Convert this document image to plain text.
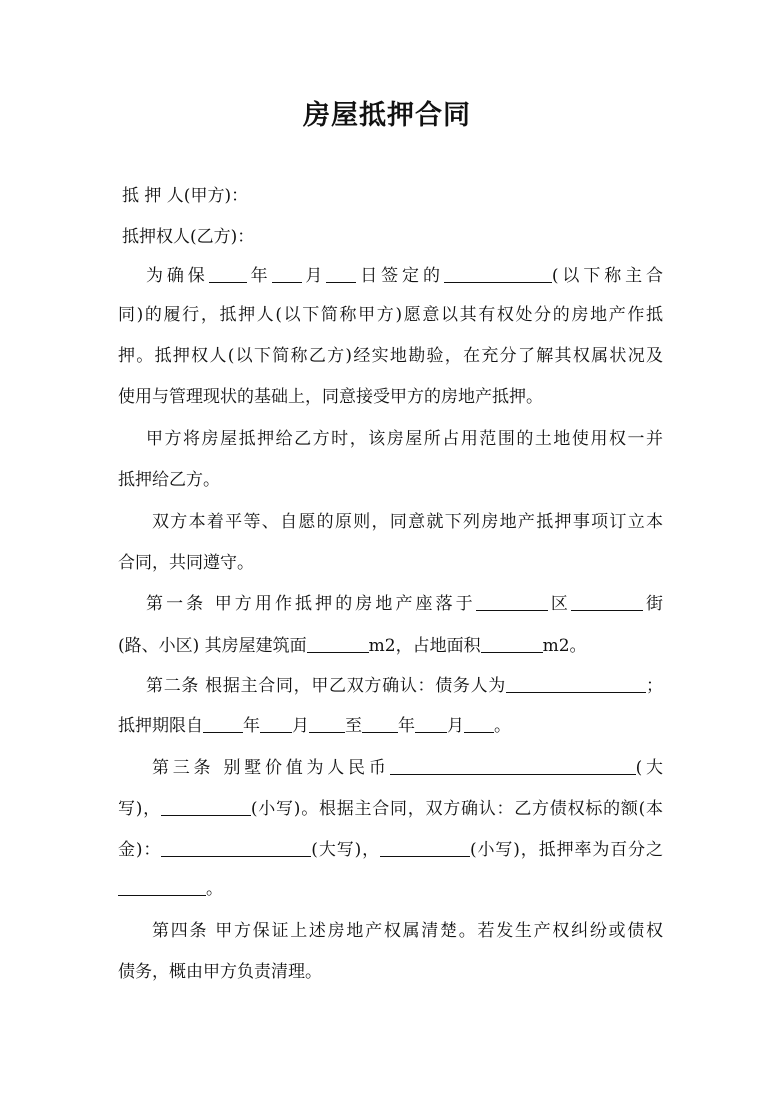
房屋抵押合同
抵 押 人(甲方)：
抵押权人(乙方)：
为确保 年 月 日签定的	(以下称主合
同)的履行，抵押人(以下简称甲方)愿意以其有权处分的房地产作抵
押。抵押权人(以下简称乙方)经实地勘验，在充分了解其权属状况及
使用与管理现状的基础上，同意接受甲方的房地产抵押。
甲方将房屋抵押给乙方时，该房屋所占用范围的土地使用权一并
抵押给乙方。
双方本着平等、自愿的原则，同意就下列房地产抵押事项订立本
合同，共同遵守。
第一条 甲方用作抵押的房地产座落于	区	街
(路、小区) 其房屋建筑面	m2，占地面积	m2。
第二条 根据主合同，甲乙双方确认：债务人为	；
抵押期限自 年 月 至 年 月 。
第三条 别墅价值为人民币	(大
写)，	(小写)。根据主合同，双方确认：乙方债权标的额(本
金)：	(大写)，	(小写)，抵押率为百分之
。
第四条 甲方保证上述房地产权属清楚。若发生产权纠纷或债权
债务，概由甲方负责清理。
